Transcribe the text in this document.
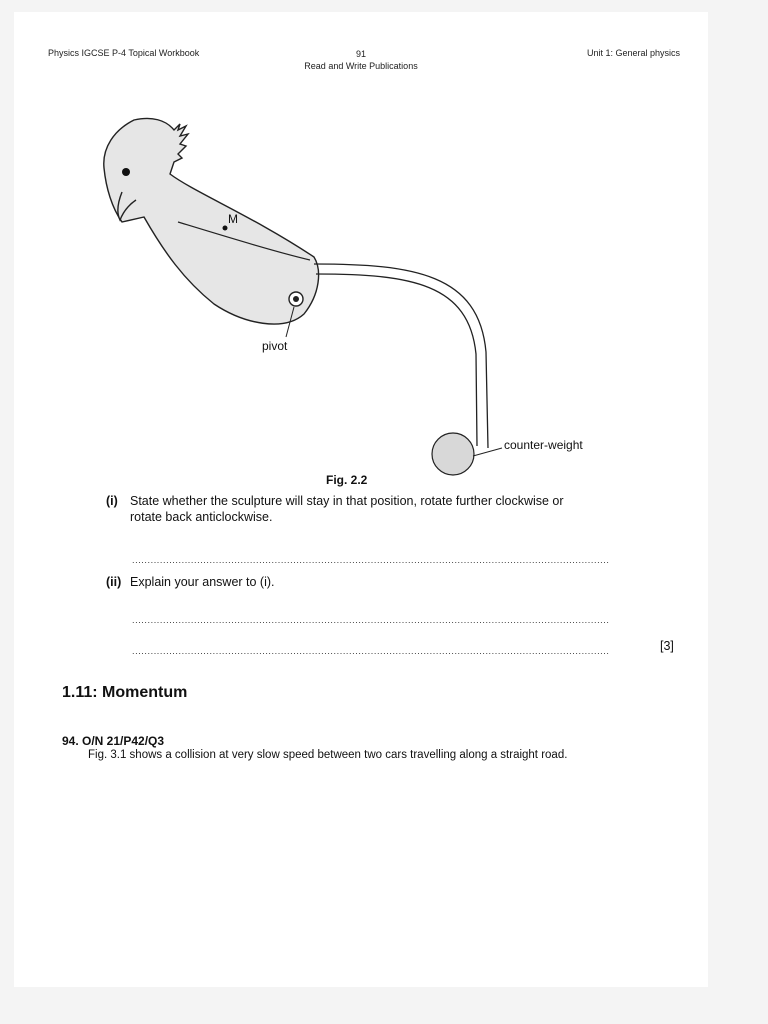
Physics IGCSE P-4 Topical Workbook	91
Read and Write Publications
Unit 1: General physics
M
pivot
counter-weight
Fig. 2.2
(i) State whether the sculpture will stay in that position, rotate further clockwise or
rotate back anticlockwise.
..........................................................................................................................................................
(ii) Explain your answer to (i).
..........................................................................................................................................................
..........................................................................................................................................................	[3]
1.11: Momentum
94. O/N 21/P42/Q3
Fig. 3.1 shows a collision at very slow speed between two cars travelling along a straight road.
